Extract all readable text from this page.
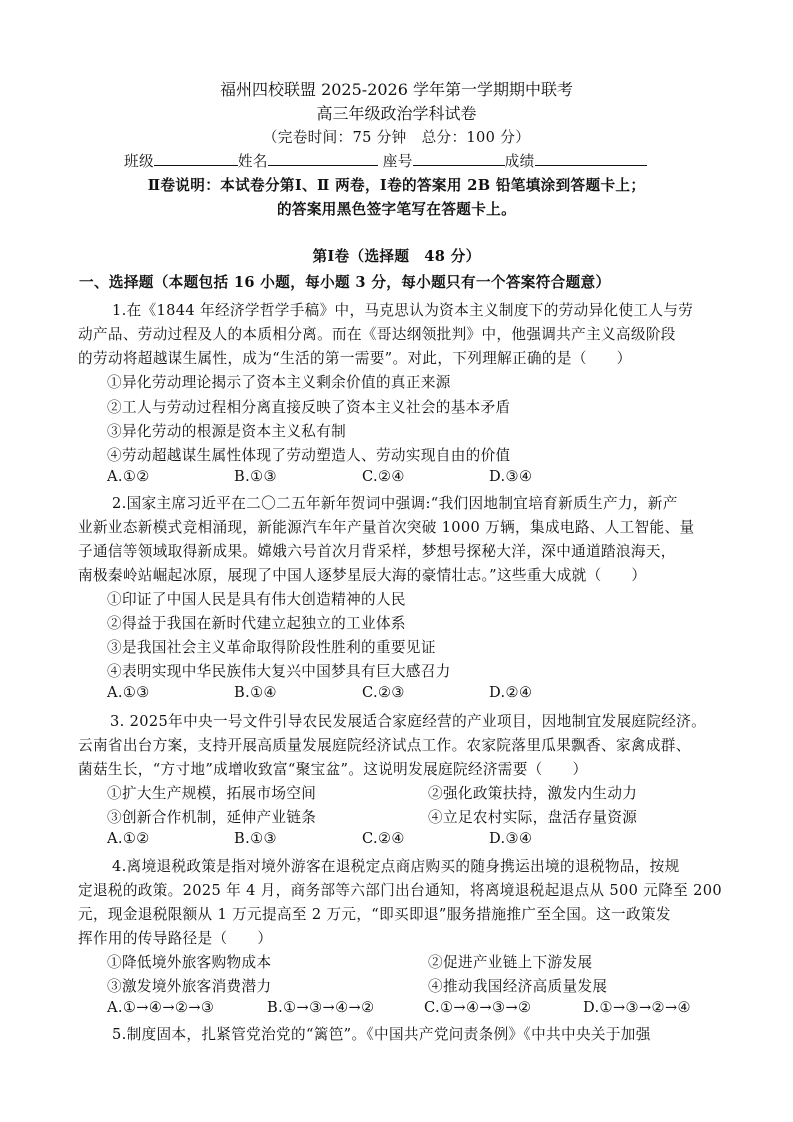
福州四校联盟 2025-2026 学年第一学期期中联考
高三年级政治学科试卷
（完卷时间：75 分钟　总分：100 分）
班级	姓名	座号	成绩
Ⅱ卷说明：本试卷分第Ⅰ、Ⅱ 两卷，Ⅰ卷的答案用 2B 铅笔填涂到答题卡上；
的答案用黑色签字笔写在答题卡上。
第Ⅰ卷（选择题　48 分）
一、选择题（本题包括 16 小题，每小题 3 分，每小题只有一个答案符合题意）
1.在《1844 年经济学哲学手稿》中，马克思认为资本主义制度下的劳动异化使工人与劳
动产品、劳动过程及人的本质相分离。而在《哥达纲领批判》中，他强调共产主义高级阶段
的劳动将超越谋生属性，成为“生活的第一需要”。对此，下列理解正确的是（　　）
①异化劳动理论揭示了资本主义剩余价值的真正来源
②工人与劳动过程相分离直接反映了资本主义社会的基本矛盾
③异化劳动的根源是资本主义私有制
④劳动超越谋生属性体现了劳动塑造人、劳动实现自由的价值
A.①②	B.①③	C.②④	D.③④
2.国家主席习近平在二〇二五年新年贺词中强调:“我们因地制宜培育新质生产力，新产
业新业态新模式竞相涌现，新能源汽车年产量首次突破 1000 万辆，集成电路、人工智能、量
子通信等领域取得新成果。嫦娥六号首次月背采样，梦想号探秘大洋，深中通道踏浪海天，
南极秦岭站崛起冰原，展现了中国人逐梦星辰大海的豪情壮志。”这些重大成就（　　）
①印证了中国人民是具有伟大创造精神的人民
②得益于我国在新时代建立起独立的工业体系
③是我国社会主义革命取得阶段性胜利的重要见证
④表明实现中华民族伟大复兴中国梦具有巨大感召力
A.①③	B.①④	C.②③	D.②④
3. 2025年中央一号文件引导农民发展适合家庭经营的产业项目，因地制宜发展庭院经济。
云南省出台方案，支持开展高质量发展庭院经济试点工作。农家院落里瓜果飘香、家禽成群、
菌菇生长，“方寸地”成增收致富“聚宝盆”。这说明发展庭院经济需要（　　）
①扩大生产规模，拓展市场空间	②强化政策扶持，激发内生动力
③创新合作机制，延伸产业链条	④立足农村实际，盘活存量资源
A.①②	B.①③	C.②④	D.③④
4.离境退税政策是指对境外游客在退税定点商店购买的随身携运出境的退税物品，按规
定退税的政策。2025 年 4 月，商务部等六部门出台通知，将离境退税起退点从 500 元降至 200
元，现金退税限额从 1 万元提高至 2 万元，“即买即退”服务措施推广至全国。这一政策发
挥作用的传导路径是（　　）
①降低境外旅客购物成本	②促进产业链上下游发展
③激发境外旅客消费潜力	④推动我国经济高质量发展
A.①→④→②→③	B.①→③→④→②	C.①→④→③→②	D.①→③→②→④
5.制度固本，扎紧管党治党的“篱笆”。《中国共产党问责条例》《中共中央关于加强
